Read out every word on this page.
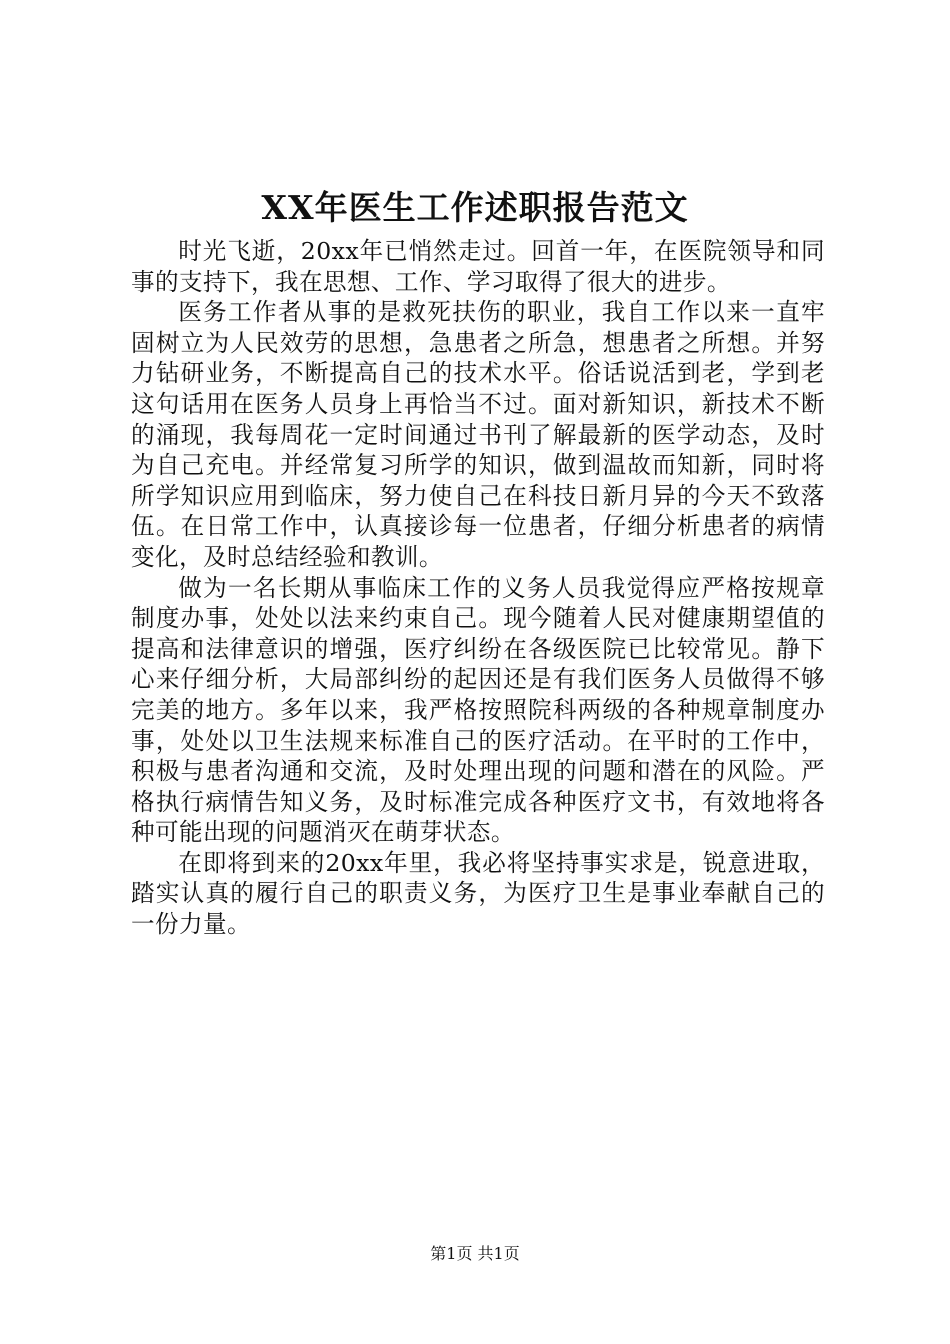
XX年医生工作述职报告范文

时光飞逝，20xx年已悄然走过。回首一年，在医院领导和同事的支持下，我在思想、工作、学习取得了很大的进步。

医务工作者从事的是救死扶伤的职业，我自工作以来一直牢固树立为人民效劳的思想，急患者之所急，想患者之所想。并努力钻研业务，不断提高自己的技术水平。俗话说活到老，学到老这句话用在医务人员身上再恰当不过。面对新知识，新技术不断的涌现，我每周花一定时间通过书刊了解最新的医学动态，及时为自己充电。并经常复习所学的知识，做到温故而知新，同时将所学知识应用到临床，努力使自己在科技日新月异的今天不致落伍。在日常工作中，认真接诊每一位患者，仔细分析患者的病情变化，及时总结经验和教训。

做为一名长期从事临床工作的义务人员我觉得应严格按规章制度办事，处处以法来约束自己。现今随着人民对健康期望值的提高和法律意识的增强，医疗纠纷在各级医院已比较常见。静下心来仔细分析，大局部纠纷的起因还是有我们医务人员做得不够完美的地方。多年以来，我严格按照院科两级的各种规章制度办事，处处以卫生法规来标准自己的医疗活动。在平时的工作中，积极与患者沟通和交流，及时处理出现的问题和潜在的风险。严格执行病情告知义务，及时标准完成各种医疗文书，有效地将各种可能出现的问题消灭在萌芽状态。

在即将到来的20xx年里，我必将坚持事实求是，锐意进取，踏实认真的履行自己的职责义务，为医疗卫生是事业奉献自己的一份力量。

第1页 共1页
